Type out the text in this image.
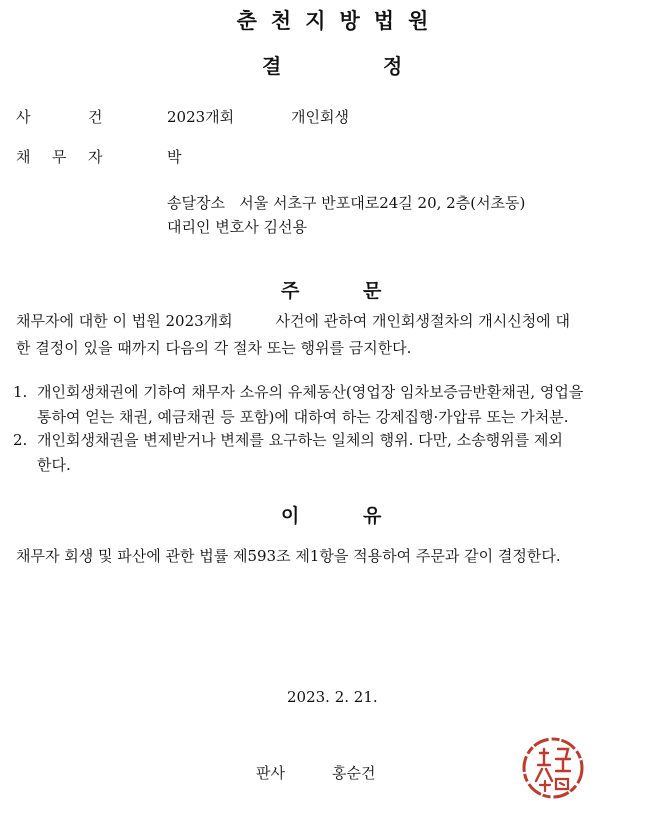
춘천지방법원
결	정
사	건	2023개회	개인회생
채 무 자	박
송달장소   서울 서초구 반포대로24길 20, 2층(서초동)
대리인 변호사 김선용
주	문
채무자에 대한 이 법원 2023개회         사건에 관하여 개인회생절차의 개시신청에 대
한 결정이 있을 때까지 다음의 각 절차 또는 행위를 금지한다.
1. 개인회생채권에 기하여 채무자 소유의 유체동산(영업장 임차보증금반환채권, 영업을
통하여 얻는 채권, 예금채권 등 포함)에 대하여 하는 강제집행·가압류 또는 가처분.
2. 개인회생채권을 변제받거나 변제를 요구하는 일체의 행위. 다만, 소송행위를 제외
한다.
이	유
채무자 회생 및 파산에 관한 법률 제593조 제1항을 적용하여 주문과 같이 결정한다.
2023. 2. 21.
판사	홍순건
